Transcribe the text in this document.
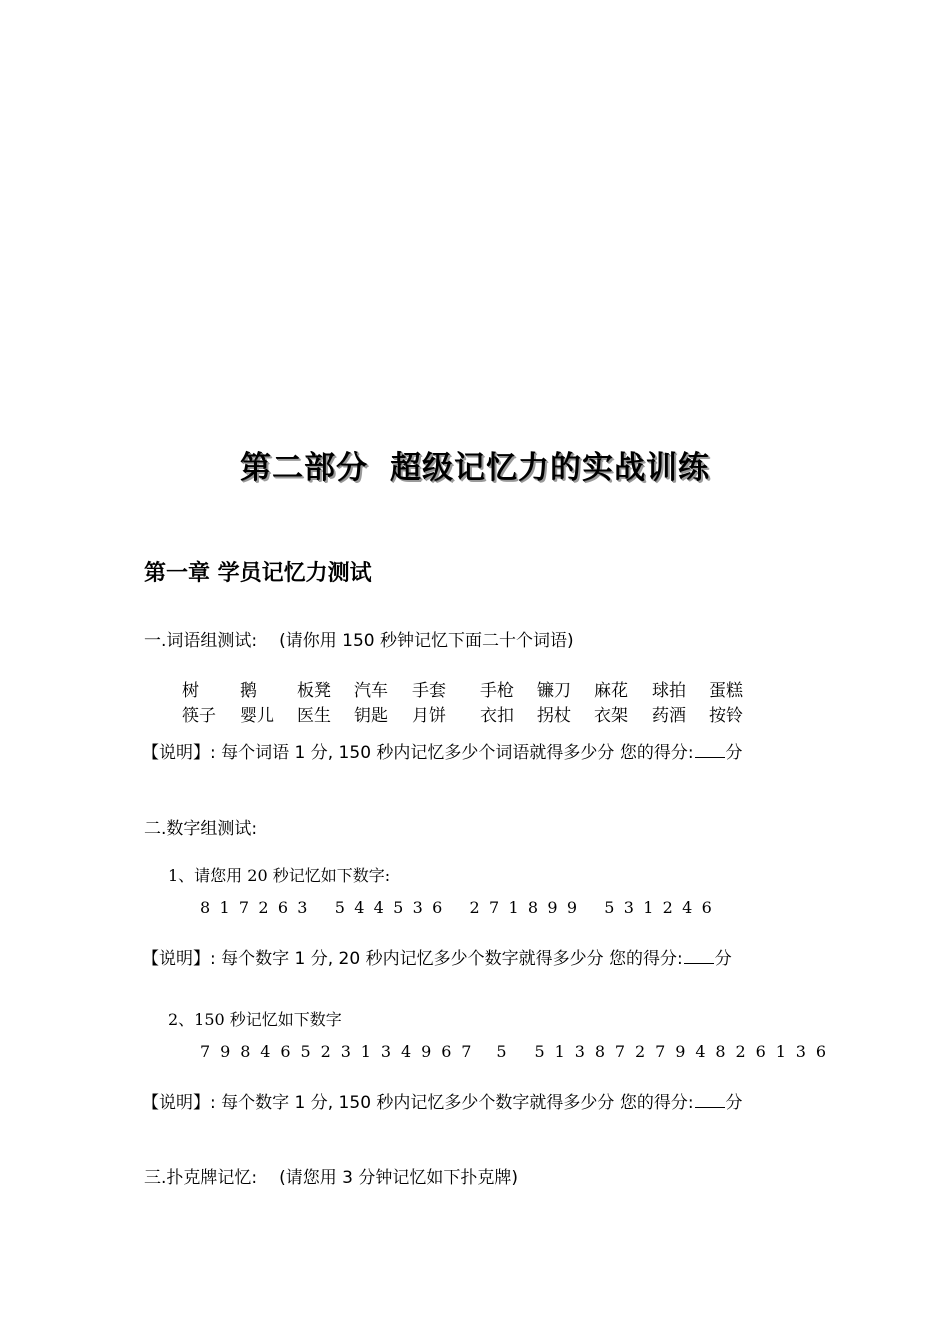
第二部分 超级记忆力的实战训练
第一章 学员记忆力测试
一.词语组测试: (请你用 150 秒钟记忆下面二十个词语)
树 鹅 板凳 汽车 手套 手枪 镰刀 麻花 球拍 蛋糕
筷子 婴儿 医生 钥匙 月饼 衣扣 拐杖 衣架 药酒 按铃
【说明】: 每个词语 1 分, 150 秒内记忆多少个词语就得多少分 您的得分: 分
二.数字组测试:
1、请您用 20 秒记忆如下数字:
817263 544536 271899 531246
【说明】: 每个数字 1 分, 20 秒内记忆多少个数字就得多少分 您的得分: 分
2、150 秒记忆如下数字
79846523134967 5 513872794826136
【说明】: 每个数字 1 分, 150 秒内记忆多少个数字就得多少分 您的得分: 分
三.扑克牌记忆: (请您用 3 分钟记忆如下扑克牌)
